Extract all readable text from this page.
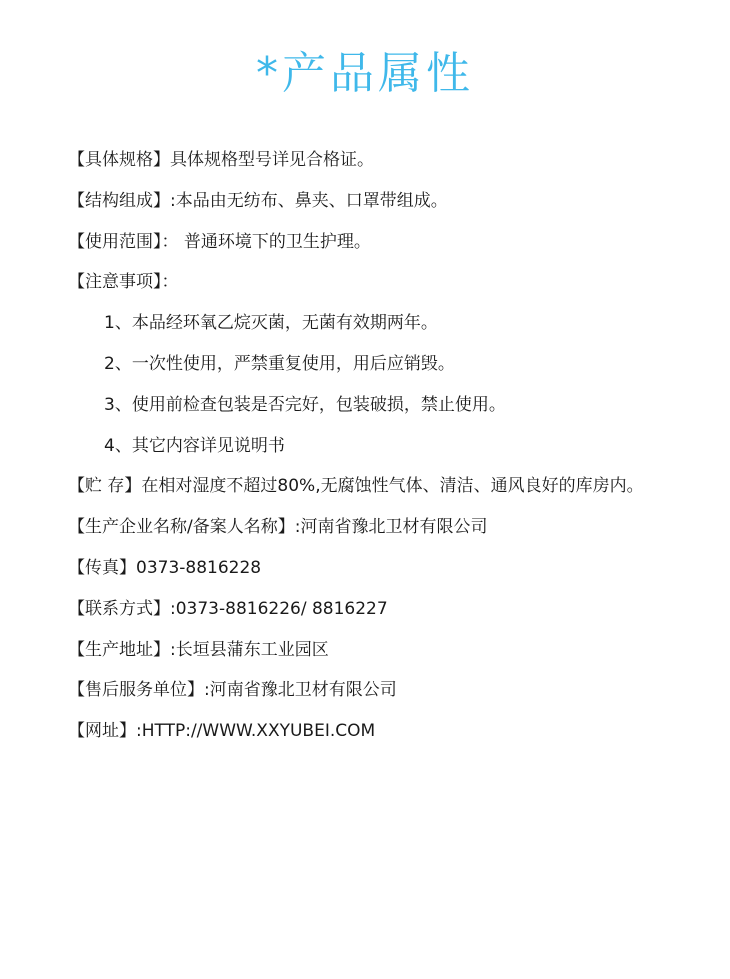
*产品属性
【具体规格】具体规格型号详见合格证。
【结构组成】:本品由无纺布、鼻夹、口罩带组成。
【使用范围】： 普通环境下的卫生护理。
【注意事项】：
1、本品经环氧乙烷灭菌，无菌有效期两年。
2、一次性使用，严禁重复使用，用后应销毁。
3、使用前检查包装是否完好，包装破损，禁止使用。
4、其它内容详见说明书
【贮 存】在相对湿度不超过80%,无腐蚀性气体、清洁、通风良好的库房内。
【生产企业名称/备案人名称】:河南省豫北卫材有限公司
【传真】0373-8816228
【联系方式】:0373-8816226/ 8816227
【生产地址】:长垣县蒲东工业园区
【售后服务单位】:河南省豫北卫材有限公司
【网址】:HTTP://WWW.XXYUBEI.COM
